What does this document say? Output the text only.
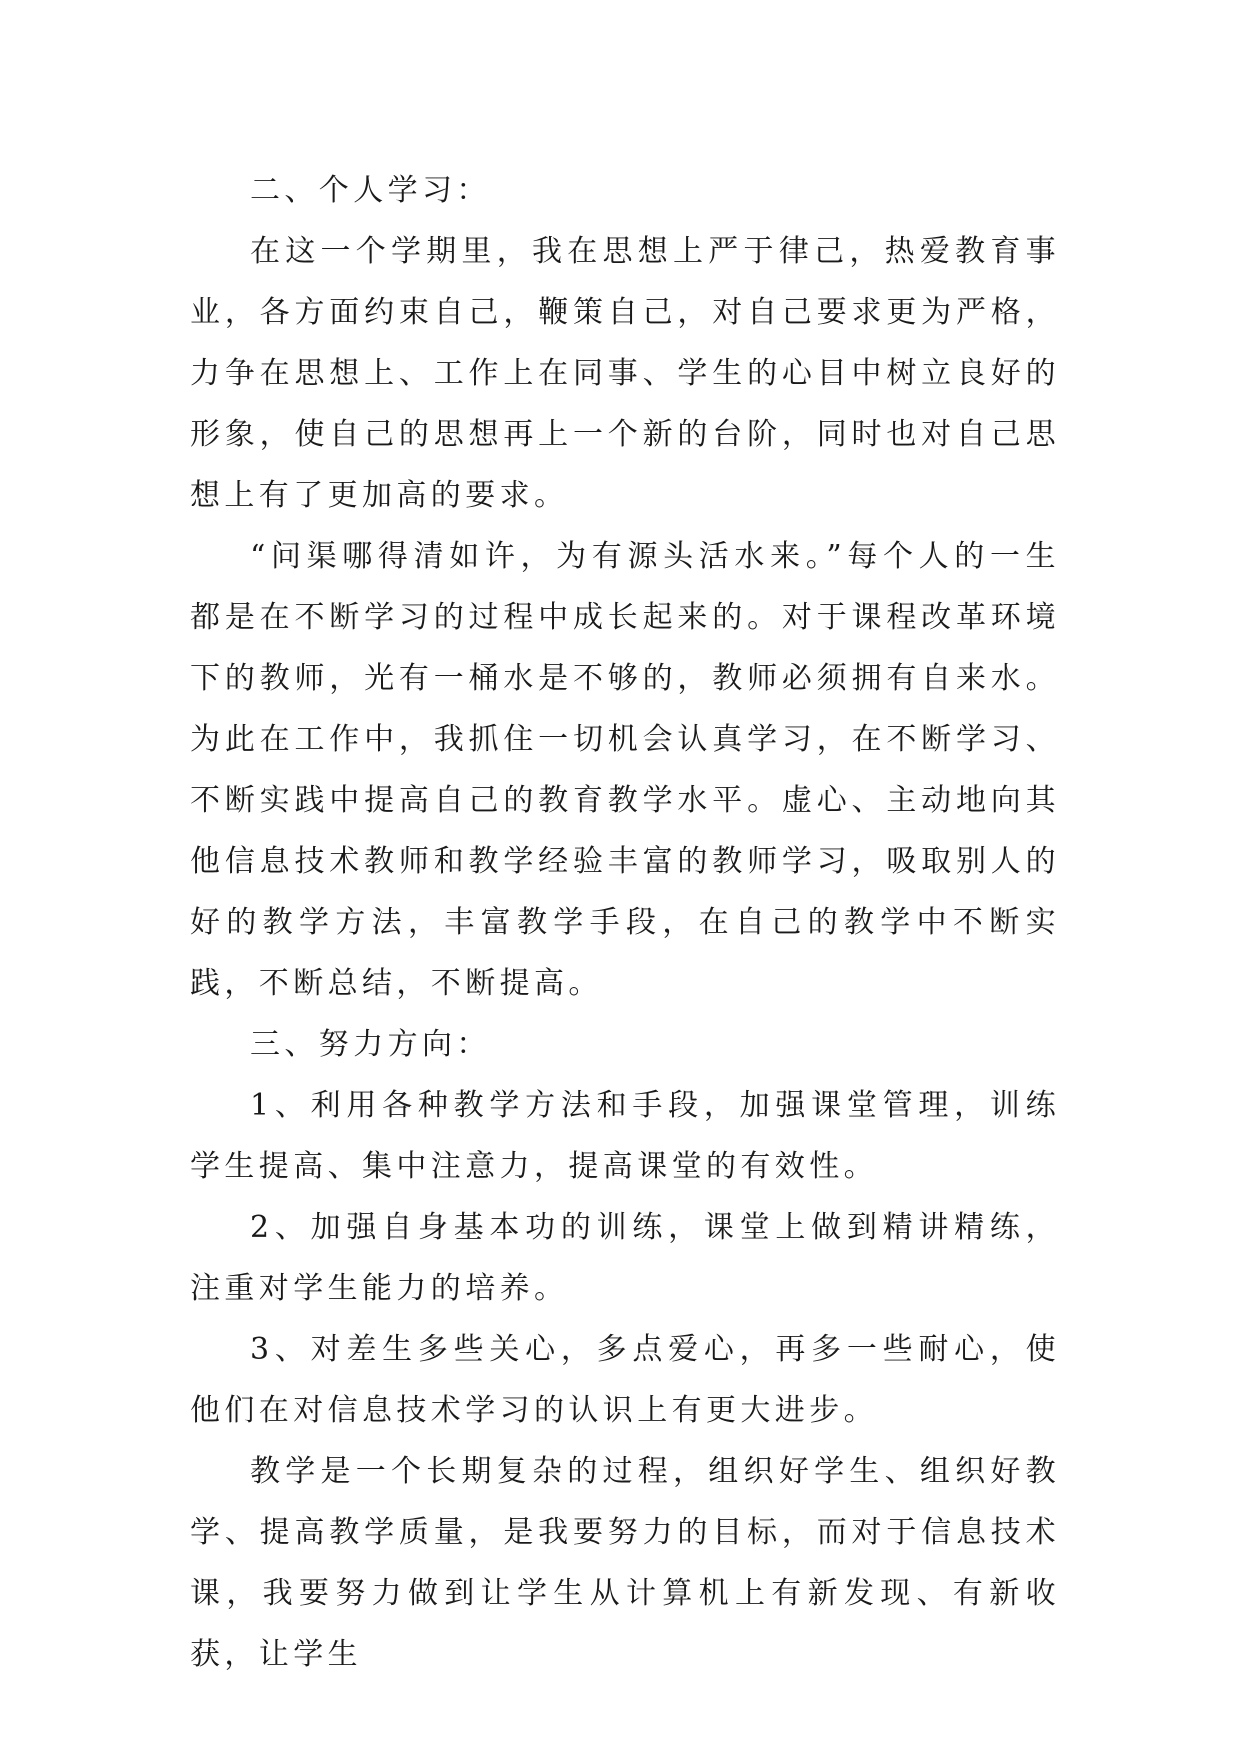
二、个人学习：

在这一个学期里，我在思想上严于律己，热爱教育事业，各方面约束自己，鞭策自己，对自己要求更为严格，力争在思想上、工作上在同事、学生的心目中树立良好的形象，使自己的思想再上一个新的台阶，同时也对自己思想上有了更加高的要求。

“问渠哪得清如许，为有源头活水来。”每个人的一生都是在不断学习的过程中成长起来的。对于课程改革环境下的教师，光有一桶水是不够的，教师必须拥有自来水。为此在工作中，我抓住一切机会认真学习，在不断学习、不断实践中提高自己的教育教学水平。虚心、主动地向其他信息技术教师和教学经验丰富的教师学习，吸取别人的好的教学方法，丰富教学手段，在自己的教学中不断实践，不断总结，不断提高。

三、努力方向：

1、利用各种教学方法和手段，加强课堂管理，训练学生提高、集中注意力，提高课堂的有效性。

2、加强自身基本功的训练，课堂上做到精讲精练，注重对学生能力的培养。

3、对差生多些关心，多点爱心，再多一些耐心，使他们在对信息技术学习的认识上有更大进步。

教学是一个长期复杂的过程，组织好学生、组织好教学、提高教学质量，是我要努力的目标，而对于信息技术课，我要努力做到让学生从计算机上有新发现、有新收获，让学生
